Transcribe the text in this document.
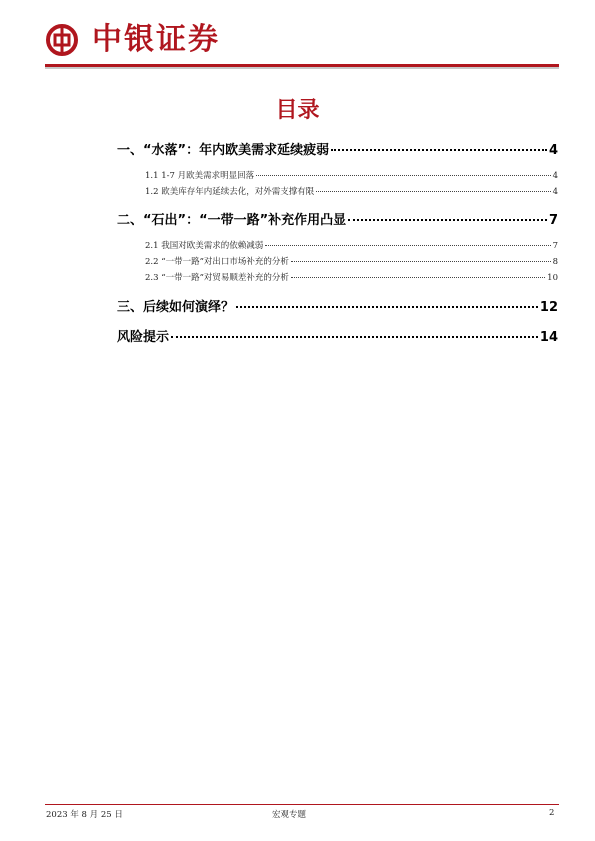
中银证券
目录
一、“水落”：年内欧美需求延续疲弱	4
1.1 1-7 月欧美需求明显回落	4
1.2 欧美库存年内延续去化，对外需支撑有限	4
二、“石出”：“一带一路”补充作用凸显	7
2.1 我国对欧美需求的依赖减弱	7
2.2 “一带一路”对出口市场补充的分析	8
2.3 “一带一路”对贸易顺差补充的分析	10
三、后续如何演绎？	12
风险提示	14
2023 年 8 月 25 日	宏观专题	2
